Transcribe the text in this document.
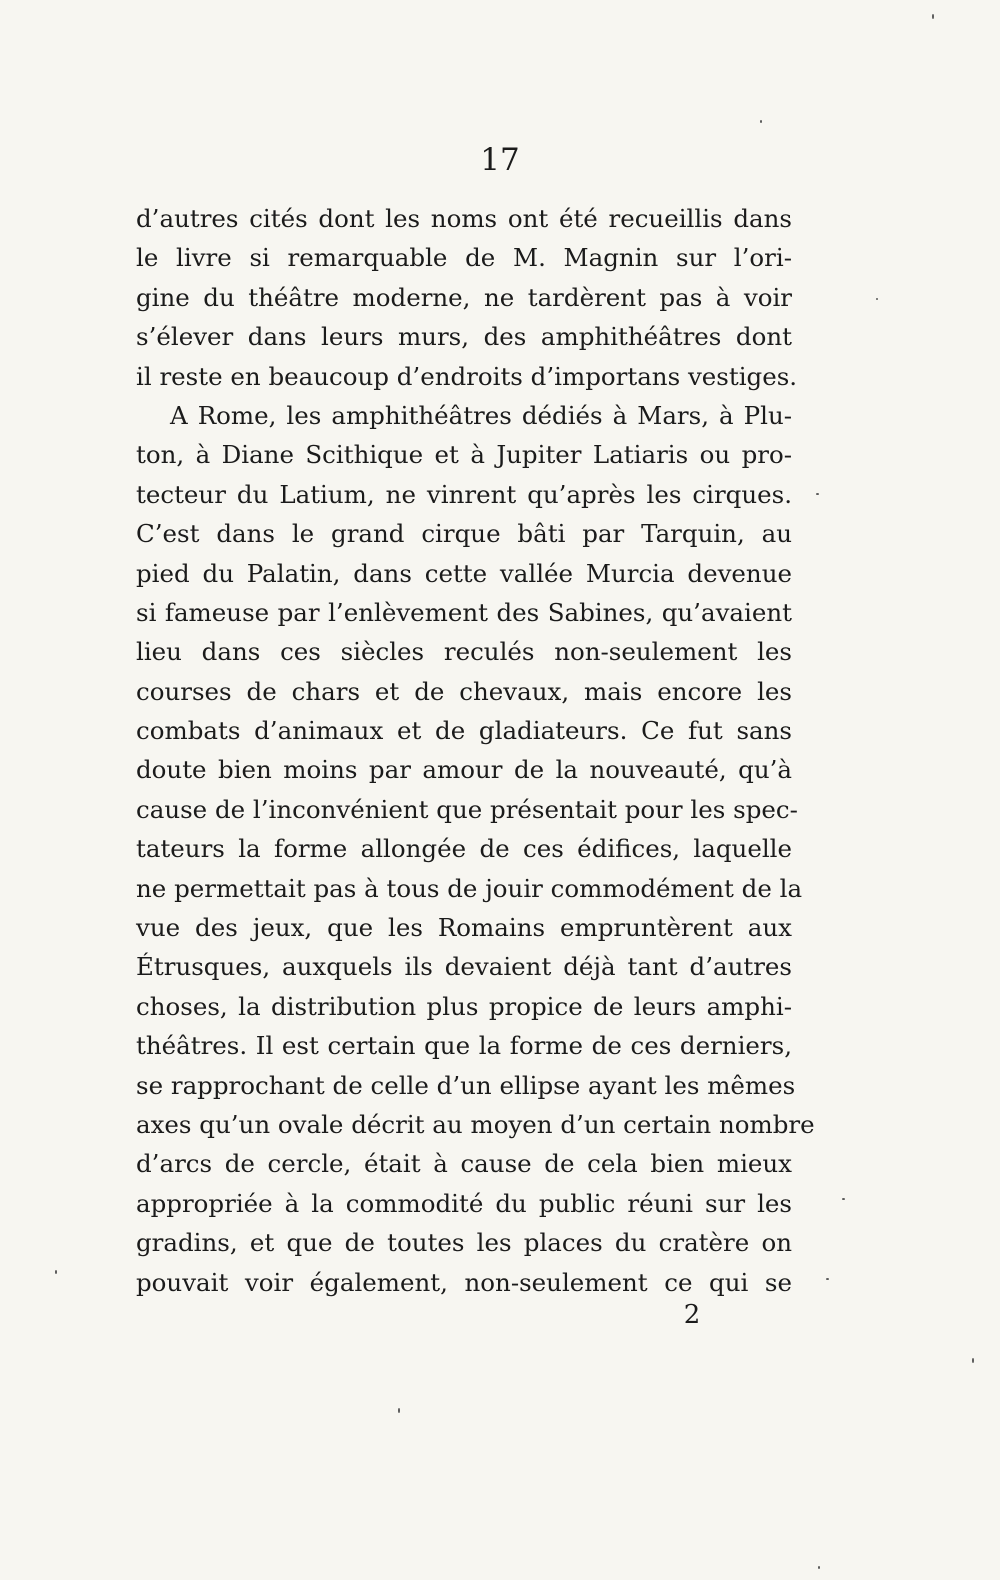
17
d’autres cités dont les noms ont été recueillis dans
le livre si remarquable de M. Magnin sur l’ori-
gine du théâtre moderne, ne tardèrent pas à voir
s’élever dans leurs murs, des amphithéâtres dont
il reste en beaucoup d’endroits d’importans vestiges.
A Rome, les amphithéâtres dédiés à Mars, à Plu-
ton, à Diane Scithique et à Jupiter Latiaris ou pro-
tecteur du Latium, ne vinrent qu’après les cirques.
C’est dans le grand cirque bâti par Tarquin, au
pied du Palatin, dans cette vallée Murcia devenue
si fameuse par l’enlèvement des Sabines, qu’avaient
lieu dans ces siècles reculés non-seulement les
courses de chars et de chevaux, mais encore les
combats d’animaux et de gladiateurs. Ce fut sans
doute bien moins par amour de la nouveauté, qu’à
cause de l’inconvénient que présentait pour les spec-
tateurs la forme allongée de ces édifices, laquelle
ne permettait pas à tous de jouir commodément de la
vue des jeux, que les Romains empruntèrent aux
Étrusques, auxquels ils devaient déjà tant d’autres
choses, la distribution plus propice de leurs amphi-
théâtres. Il est certain que la forme de ces derniers,
se rapprochant de celle d’un ellipse ayant les mêmes
axes qu’un ovale décrit au moyen d’un certain nombre
d’arcs de cercle, était à cause de cela bien mieux
appropriée à la commodité du public réuni sur les
gradins, et que de toutes les places du cratère on
pouvait voir également, non-seulement ce qui se
2
